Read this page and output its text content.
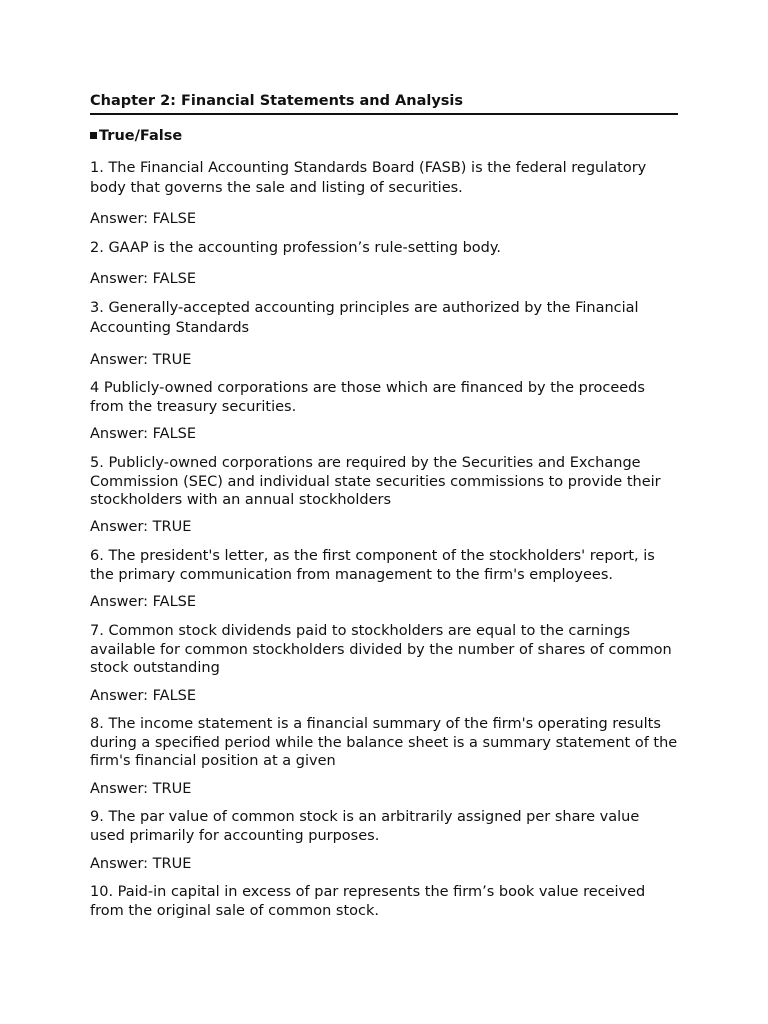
Chapter 2: Financial Statements and Analysis

True/False

1. The Financial Accounting Standards Board (FASB) is the federal regulatory body that governs the sale and listing of securities.

Answer: FALSE

2. GAAP is the accounting profession’s rule-setting body.

Answer: FALSE

3. Generally-accepted accounting principles are authorized by the Financial Accounting Standards

Answer: TRUE

4 Publicly-owned corporations are those which are financed by the proceeds from the treasury securities.

Answer: FALSE

5. Publicly-owned corporations are required by the Securities and Exchange Commission (SEC) and individual state securities commissions to provide their stockholders with an annual stockholders

Answer: TRUE

6. The president's letter, as the first component of the stockholders' report, is the primary communication from management to the firm's employees.

Answer: FALSE

7. Common stock dividends paid to stockholders are equal to the carnings available for common stockholders divided by the number of shares of common stock outstanding

Answer: FALSE

8. The income statement is a financial summary of the firm's operating results during a specified period while the balance sheet is a summary statement of the firm's financial position at a given

Answer: TRUE

9. The par value of common stock is an arbitrarily assigned per share value used primarily for accounting purposes.

Answer: TRUE

10. Paid-in capital in excess of par represents the firm’s book value received from the original sale of common stock.
